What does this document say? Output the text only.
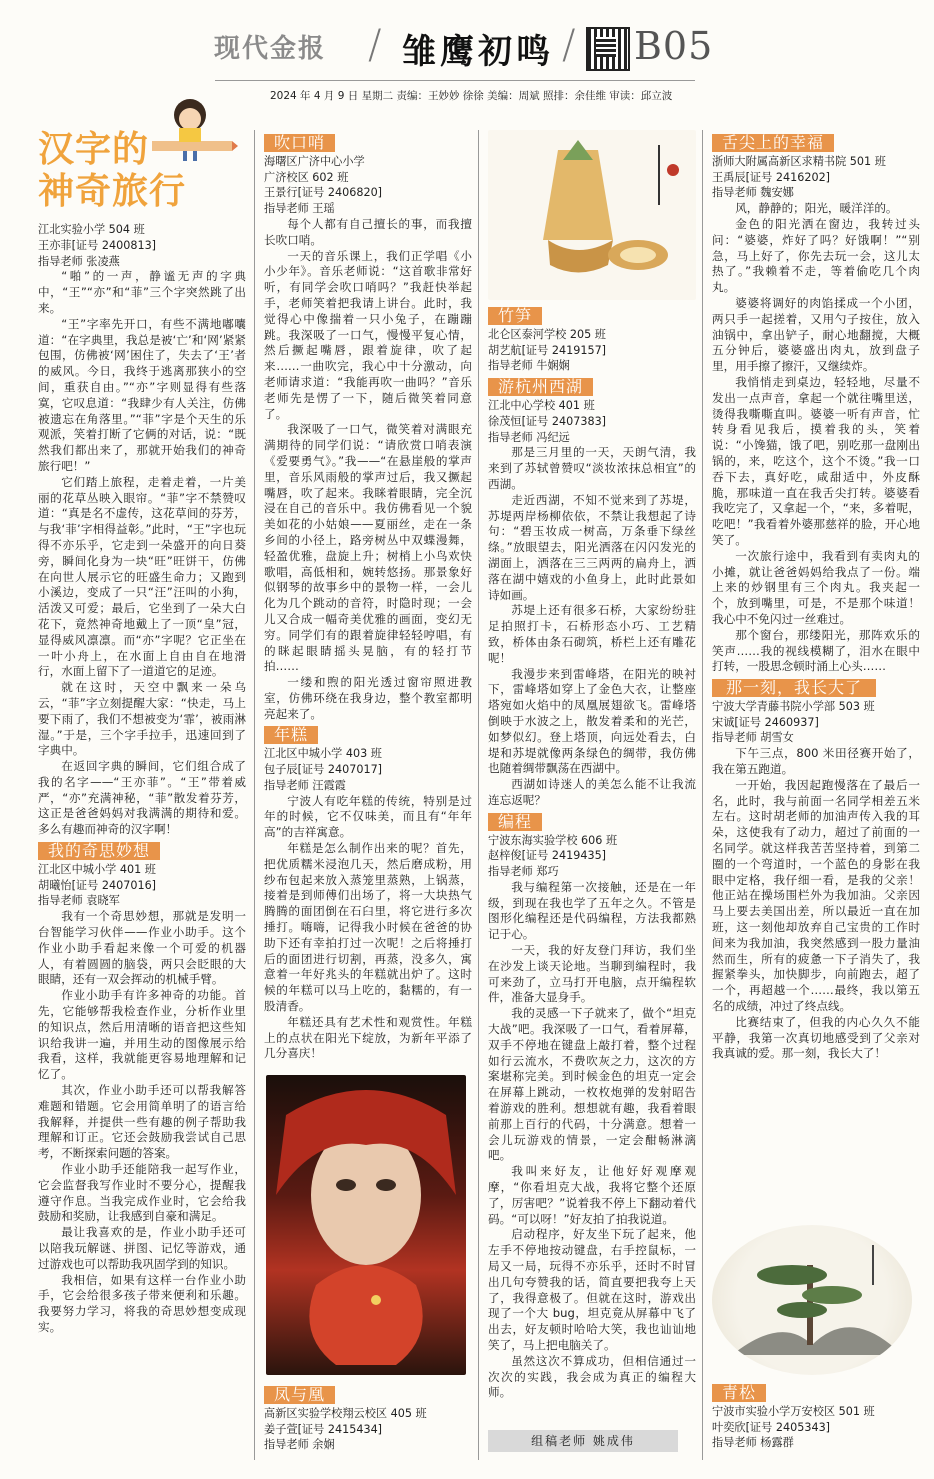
现代金报 / 雏鹰初鸣 / B05
2024 年 4 月 9 日 星期二 责编：王妙妙 徐徐 美编：周斌 照排：余佳维 审读：邱立波
汉字的
神奇旅行
江北实验小学 504 班
王亦菲[证号 2400813]
指导老师 张凌燕

“啪”的一声，静谧无声的字典中，“王”“亦”和“菲”三个字突然跳了出来。

“王”字率先开口，有些不满地嘟囔道：“在字典里，我总是被‘亡’和‘网’紧紧包围，仿佛被‘网’困住了，失去了‘王’者的威风。今日，我终于逃离那狭小的空间，重获自由。”“亦”字则显得有些落寞，它叹息道：“我肆少有人关注，仿佛被遗忘在角落里。”“菲”字是个天生的乐观派，笑着打断了它俩的对话，说：“既然我们都出来了，那就开始我们的神奇旅行吧！”

它们踏上旅程，走着走着，一片美丽的花草丛映入眼帘。“菲”字不禁赞叹道：“真是名不虚传，这花草间的芬芳，与我‘菲’字相得益彰。”此时，“王”字也玩得不亦乐乎，它走到一朵盛开的向日葵旁，瞬间化身为一块“旺”旺饼干，仿佛在向世人展示它的旺盛生命力；又跑到小溪边，变成了一只“汪”汪叫的小狗，活泼又可爱；最后，它坐到了一朵大白花下，竟然神奇地戴上了一顶“皇”冠，显得威风凛凛。而“亦”字呢？它正坐在一叶小舟上，在水面上自由自在地滑行，水面上留下了一道道它的足迹。

就在这时，天空中飘来一朵乌云，“菲”字立刻提醒大家：“快走，马上要下雨了，我们不想被变为‘霏’，被雨淋湿。”于是，三个字手拉手，迅速回到了字典中。

在返回字典的瞬间，它们组合成了我的名字——“王亦菲”。“王”带着威严，“亦”充满神秘，“菲”散发着芬芳，这正是爸爸妈妈对我满满的期待和爱。多么有趣而神奇的汉字啊！

我的奇思妙想
江北区中城小学 401 班
胡曦怡[证号 2407016]
指导老师 袁晓军

我有一个奇思妙想，那就是发明一台智能学习伙伴——作业小助手。这个作业小助手看起来像一个可爱的机器人，有着圆圆的脑袋，两只会眨眼的大眼睛，还有一双会挥动的机械手臂。

作业小助手有许多神奇的功能。首先，它能够帮我检查作业，分析作业里的知识点，然后用清晰的语音把这些知识给我讲一遍，并用生动的图像展示给我看，这样，我就能更容易地理解和记忆了。

其次，作业小助手还可以帮我解答难题和错题。它会用简单明了的语言给我解释，并提供一些有趣的例子帮助我理解和订正。它还会鼓励我尝试自己思考，不断探索问题的答案。

作业小助手还能陪我一起写作业，它会监督我写作业时不要分心，提醒我遵守作息。当我完成作业时，它会给我鼓励和奖励，让我感到自豪和满足。

最让我喜欢的是，作业小助手还可以陪我玩解谜、拼图、记忆等游戏，通过游戏也可以帮助我巩固学到的知识。

我相信，如果有这样一台作业小助手，它会给很多孩子带来便利和乐趣。我要努力学习，将我的奇思妙想变成现实。

吹口哨
海曙区广济中心小学
广济校区 602 班
王景行[证号 2406820]
指导老师 王瑶

每个人都有自己擅长的事，而我擅长吹口哨。

一天的音乐课上，我们正学唱《小小少年》。音乐老师说：“这首歌非常好听，有同学会吹口哨吗？”我赶快举起手，老师笑着把我请上讲台。此时，我觉得心中像揣着一只小兔子，在蹦蹦跳。我深吸了一口气，慢慢平复心情，然后撅起嘴唇，跟着旋律，吹了起来……一曲吹完，我心中十分激动，向老师请求道：“我能再吹一曲吗？”音乐老师先是愣了一下，随后微笑着同意了。

我深吸了一口气，微笑着对满眼充满期待的同学们说：“请欣赏口哨表演《爱要勇气》。”我——“在悬崖般的掌声里，音乐风雨般的掌声过后，我又撅起嘴唇，吹了起来。我眯着眼睛，完全沉浸在自己的音乐中。我仿佛看见一个貌美如花的小姑娘——夏丽丝，走在一条乡间的小径上，路旁树丛中双蝶漫舞，轻盈优雅，盘旋上升；树梢上小鸟欢快歌唱，高低相和，婉转悠扬。那景象好似钢琴的故事乡中的景物一样，一会儿化为几个跳动的音符，时隐时现；一会儿又合成一幅奇美优雅的画面，变幻无穷。同学们有的跟着旋律轻轻哼唱，有的眯起眼睛摇头晃脑，有的轻打节拍……

一缕和煦的阳光透过窗帘照进教室，仿佛环绕在我身边，整个教室都明亮起来了。

年糕
江北区中城小学 403 班
包子辰[证号 2407017]
指导老师 汪霞霞

宁波人有吃年糕的传统，特别是过年的时候，它不仅味美，而且有“年年高”的吉祥寓意。

年糕是怎么制作出来的呢？首先，把优质糯米浸泡几天，然后磨成粉，用纱布包起来放入蒸笼里蒸熟，上锅蒸，接着是到师傅们出场了，将一大块热气腾腾的面团倒在石臼里，将它进行多次捶打。嗨嗨，记得我小时候在爸爸的协助下还有幸拍打过一次呢！之后将捶打后的面团进行切割，再蒸，没多久，寓意着一年好兆头的年糕就出炉了。这时候的年糕可以马上吃的，黏糯的，有一股清香。

年糕还具有艺术性和观赏性。年糕上的点状在阳光下绽放，为新年平添了几分喜庆！

凤与凰
高新区实验学校翔云校区 405 班
姜子萱[证号 2415434]
指导老师 余娴
竹笋
北仑区泰河学校 205 班
胡艺航[证号 2419157]
指导老师 牛娴娴
游杭州西湖
江北中心学校 401 班
徐茂恒[证号 2407383]
指导老师 冯纪远

那是三月里的一天，天朗气清，我来到了苏轼曾赞叹“淡妆浓抹总相宜”的西湖。

走近西湖，不知不觉来到了苏堤，苏堤两岸杨柳依依，不禁让我想起了诗句：“碧玉妆成一树高，万条垂下绿丝绦。”放眼望去，阳光洒落在闪闪发光的湖面上，洒落在三三两两的扁舟上，洒落在湖中嬉戏的小鱼身上，此时此景如诗如画。

苏堤上还有很多石桥，大家纷纷驻足拍照打卡，石桥形态小巧、工艺精致，桥体由条石砌筑，桥栏上还有雕花呢！

我漫步来到雷峰塔，在阳光的映衬下，雷峰塔如穿上了金色大衣，让整座塔宛如火焰中的凤凰展翅欲飞。雷峰塔倒映于水波之上，散发着柔和的光芒，如梦似幻。登上塔顶，向远处看去，白堤和苏堤就像两条绿色的绸带，我仿佛也随着绸带飘荡在西湖中。

西湖如诗迷人的美怎么能不让我流连忘返呢？

编程
宁波东海实验学校 606 班
赵梓俊[证号 2419435]
指导老师 郑巧

我与编程第一次接触，还是在一年级，到现在我也学了五年之久。不管是图形化编程还是代码编程，方法我都熟记于心。

一天，我的好友登门拜访，我们坐在沙发上谈天论地。当聊到编程时，我可来劲了，立马打开电脑，点开编程软件，准备大显身手。

我的灵感一下子就来了，做个“坦克大战”吧。我深吸了一口气，看着屏幕，双手不停地在键盘上敲打着，整个过程如行云流水，不费吹灰之力，这次的方案堪称完美。到时候金色的坦克一定会在屏幕上跳动，一枚枚炮弹的发射昭告着游戏的胜利。想想就有趣，我看着眼前那上百行的代码，十分满意。想着一会儿玩游戏的情景，一定会酣畅淋漓吧。

我叫来好友，让他好好观摩观摩，“你看坦克大战，我将它整个还原了，厉害吧？”说着我不停上下翻动着代码。“可以呀！”好友拍了拍我说道。

启动程序，好友坐下玩了起来，他左手不停地按动键盘，右手控鼠标，一局又一局，玩得不亦乐乎，还时不时冒出几句夸赞我的话，简直要把我夸上天了，我得意极了。但就在这时，游戏出现了一个大 bug，坦克竟从屏幕中飞了出去，好友顿时哈哈大笑，我也讪讪地笑了，马上把电脑关了。

虽然这次不算成功，但相信通过一次次的实践，我会成为真正的编程大师。

组稿老师 姚成伟
舌尖上的幸福
浙师大附属高新区求精书院 501 班
王禹辰[证号 2416202]
指导老师 魏安娜

风，静静的；阳光，暖洋洋的。

金色的阳光洒在窗边，我转过头问：“婆婆，炸好了吗？好饿啊！”“别急，马上好了，你先去玩一会，这儿太热了。”我赖着不走，等着偷吃几个肉丸。

婆婆将调好的肉馅揉成一个小团，两只手一起搓着，又用勺子按住，放入油锅中，拿出铲子，耐心地翻搅，大概五分钟后，婆婆盛出肉丸，放到盘子里，用手擦了擦汗，又继续炸。

我悄悄走到桌边，轻轻地，尽量不发出一点声音，拿起一个就往嘴里送，烫得我嘶嘶直叫。婆婆一听有声音，忙转身看见我后，摸着我的头，笑着说：“小馋猫，饿了吧，别吃那一盘刚出锅的，来，吃这个，这个不烫。”我一口吞下去，真好吃，咸甜适中，外皮酥脆，那味道一直在我舌尖打转。婆婆看我吃完了，又拿起一个，“来，多着呢，吃吧！”我看着外婆那慈祥的脸，开心地笑了。

一次旅行途中，我看到有卖肉丸的小摊，就让爸爸妈妈给我点了一份。端上来的炒钢里有三个肉丸。我夹起一个，放到嘴里，可是，不是那个味道！我心中不免闪过一丝难过。

那个窗台，那缕阳光，那阵欢乐的笑声……我的视线模糊了，泪水在眼中打转，一股思念顿时涌上心头……

那一刻，我长大了
宁波大学青藤书院小学部 503 班
宋诚[证号 2460937]
指导老师 胡雪女

下午三点，800 米田径赛开始了，我在第五跑道。

一开始，我因起跑慢落在了最后一名，此时，我与前面一名同学相差五米左右。这时胡老师的加油声传入我的耳朵，这使我有了动力，超过了前面的一名同学。就这样我苦苦坚持着，到第二圈的一个弯道时，一个蓝色的身影在我眼中定格，我仔细一看，是我的父亲！他正站在操场围栏外为我加油。父亲因马上要去美国出差，所以最近一直在加班，这一刻他却放弃自己宝贵的工作时间来为我加油，我突然感到一股力量油然而生，所有的疲惫一下子消失了，我握紧拳头，加快脚步，向前跑去，超了一个，再超越一个……最终，我以第五名的成绩，冲过了终点线。

比赛结束了，但我的内心久久不能平静，我第一次真切地感受到了父亲对我真诚的爱。那一刻，我长大了！

青松
宁波市实验小学万安校区 501 班
叶奕欣[证号 2405343]
指导老师 杨露群
